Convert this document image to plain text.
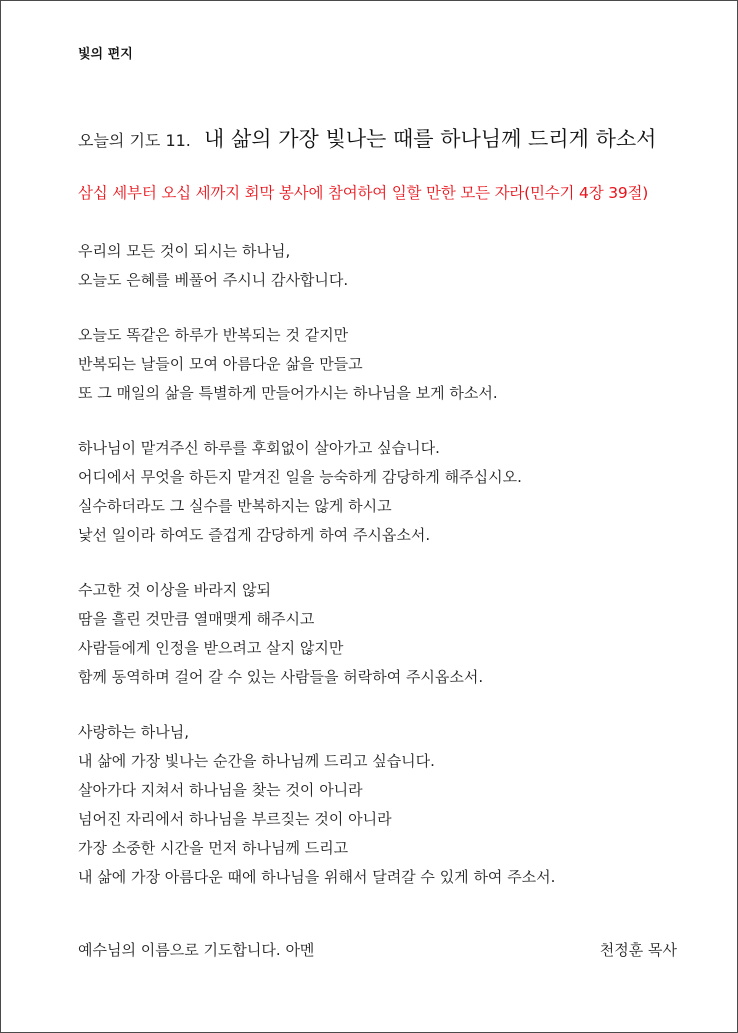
빛의 편지
오늘의 기도 11. 내 삶의 가장 빛나는 때를 하나님께 드리게 하소서
삼십 세부터 오십 세까지 회막 봉사에 참여하여 일할 만한 모든 자라(민수기 4장 39절)
우리의 모든 것이 되시는 하나님,
오늘도 은혜를 베풀어 주시니 감사합니다.
오늘도 똑같은 하루가 반복되는 것 같지만
반복되는 날들이 모여 아름다운 삶을 만들고
또 그 매일의 삶을 특별하게 만들어가시는 하나님을 보게 하소서.
하나님이 맡겨주신 하루를 후회없이 살아가고 싶습니다.
어디에서 무엇을 하든지 맡겨진 일을 능숙하게 감당하게 해주십시오.
실수하더라도 그 실수를 반복하지는 않게 하시고
낯선 일이라 하여도 즐겁게 감당하게 하여 주시옵소서.
수고한 것 이상을 바라지 않되
땀을 흘린 것만큼 열매맺게 해주시고
사람들에게 인정을 받으려고 살지 않지만
함께 동역하며 걸어 갈 수 있는 사람들을 허락하여 주시옵소서.
사랑하는 하나님,
내 삶에 가장 빛나는 순간을 하나님께 드리고 싶습니다.
살아가다 지쳐서 하나님을 찾는 것이 아니라
넘어진 자리에서 하나님을 부르짖는 것이 아니라
가장 소중한 시간을 먼저 하나님께 드리고
내 삶에 가장 아름다운 때에 하나님을 위해서 달려갈 수 있게 하여 주소서.
예수님의 이름으로 기도합니다. 아멘	천정훈 목사
